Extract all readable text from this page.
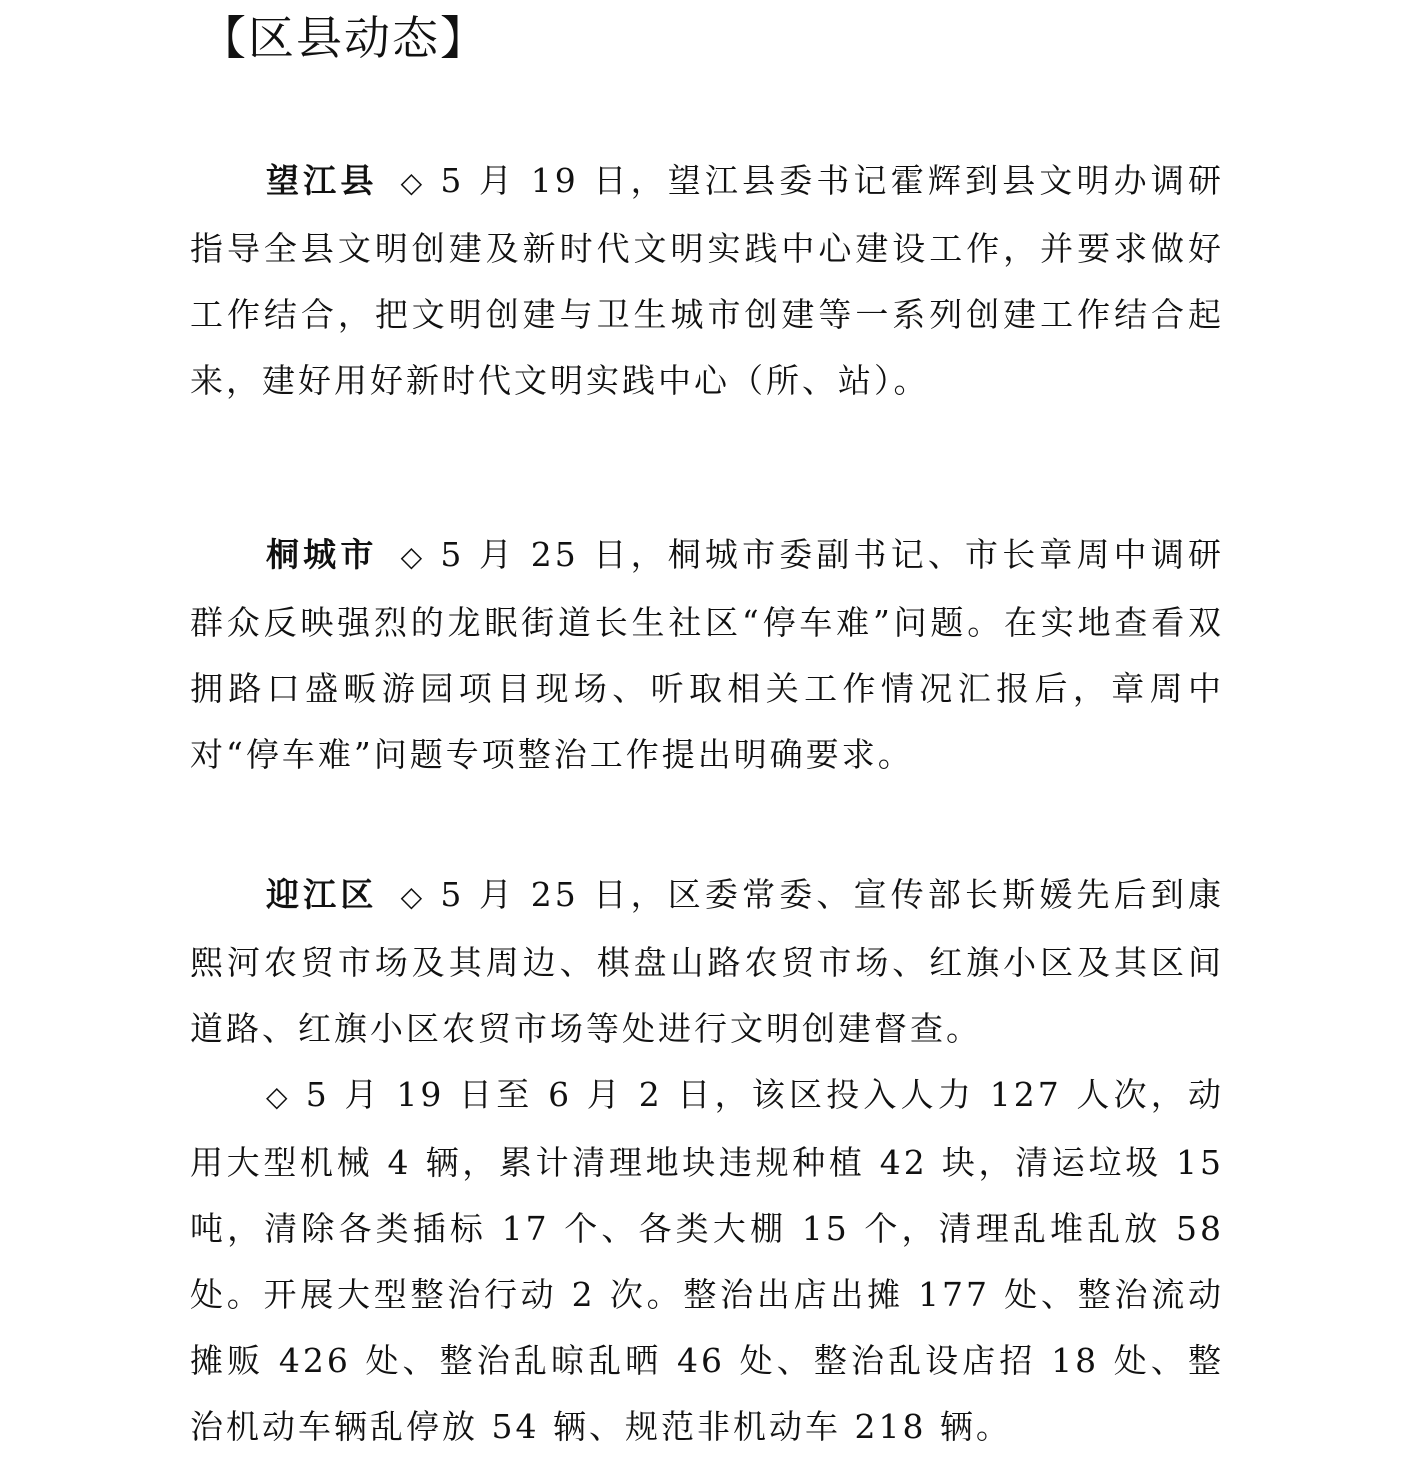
【区县动态】

望江县 ◇ 5 月 19 日，望江县委书记霍辉到县文明办调研指导全县文明创建及新时代文明实践中心建设工作，并要求做好工作结合，把文明创建与卫生城市创建等一系列创建工作结合起来，建好用好新时代文明实践中心（所、站）。

桐城市 ◇ 5 月 25 日，桐城市委副书记、市长章周中调研群众反映强烈的龙眠街道长生社区“停车难”问题。在实地查看双拥路口盛畈游园项目现场、听取相关工作情况汇报后，章周中对“停车难”问题专项整治工作提出明确要求。

迎江区 ◇ 5 月 25 日，区委常委、宣传部长斯媛先后到康熙河农贸市场及其周边、棋盘山路农贸市场、红旗小区及其区间道路、红旗小区农贸市场等处进行文明创建督查。

◇ 5 月 19 日至 6 月 2 日，该区投入人力 127 人次，动用大型机械 4 辆，累计清理地块违规种植 42 块，清运垃圾 15 吨，清除各类插标 17 个、各类大棚 15 个，清理乱堆乱放 58 处。开展大型整治行动 2 次。整治出店出摊 177 处、整治流动摊贩 426 处、整治乱晾乱晒 46 处、整治乱设店招 18 处、整治机动车辆乱停放 54 辆、规范非机动车 218 辆。
